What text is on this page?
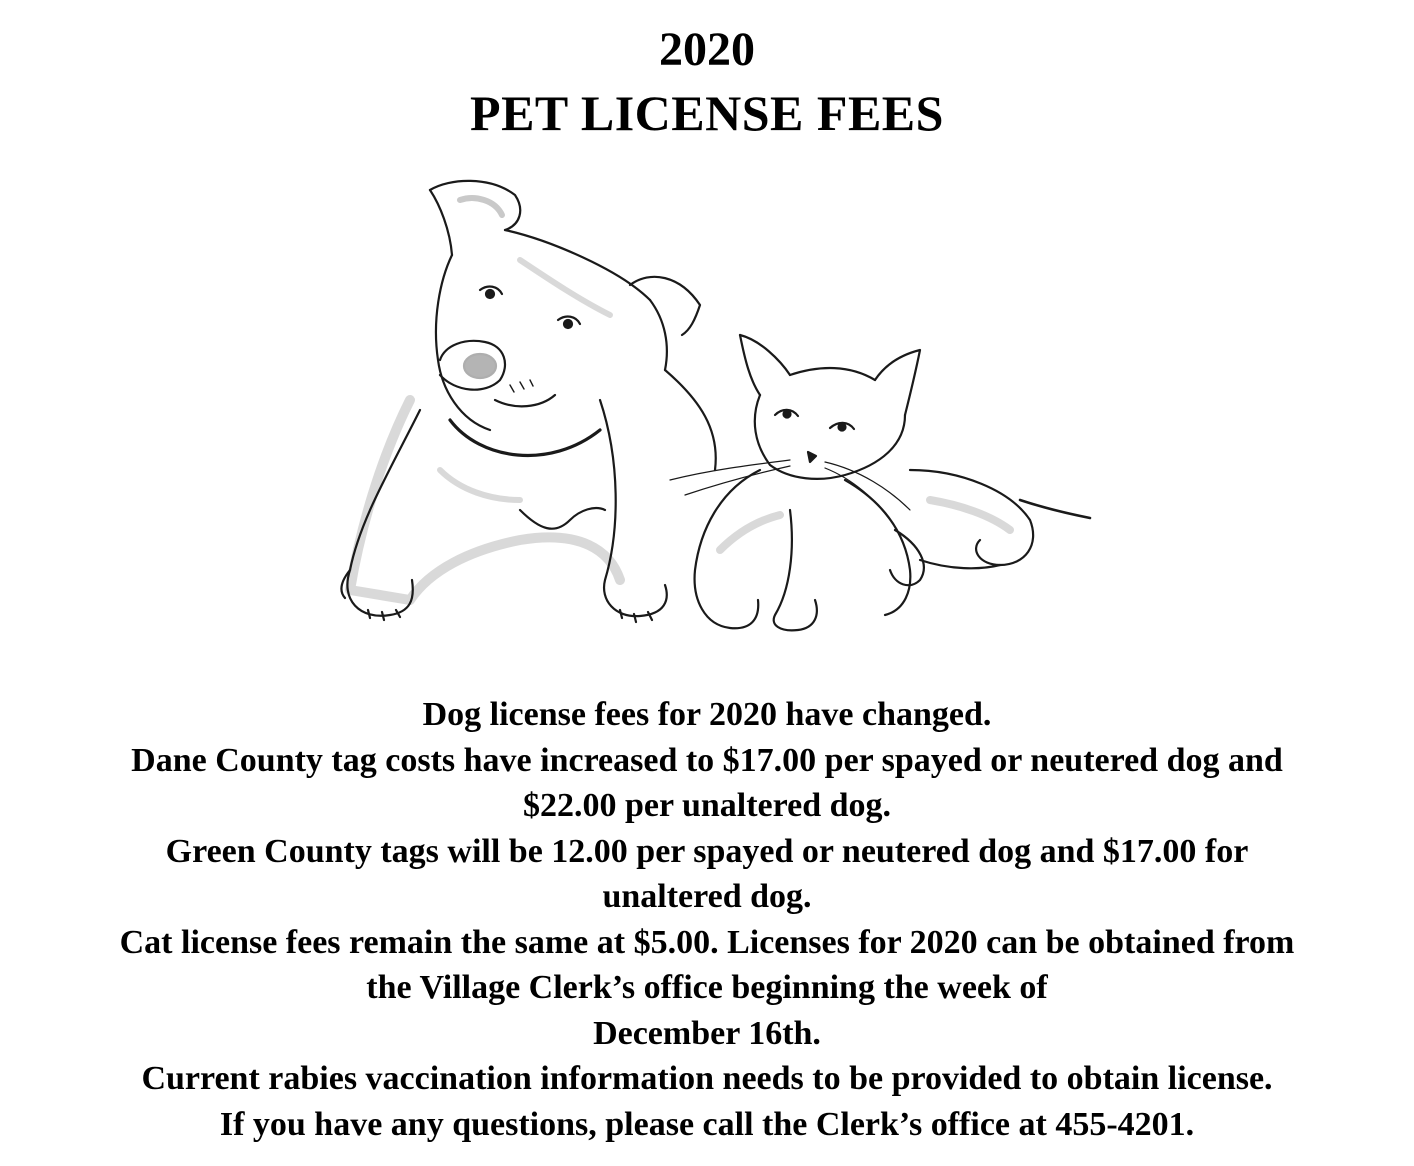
2020
PET LICENSE FEES
Dog license fees for 2020 have changed.
Dane County tag costs have increased to $17.00 per spayed or neutered dog and
$22.00 per unaltered dog.
Green County tags will be 12.00 per spayed or neutered dog and $17.00 for
unaltered dog.
Cat license fees remain the same at $5.00. Licenses for 2020 can be obtained from
the Village Clerk’s office beginning the week of
December 16th.
Current rabies vaccination information needs to be provided to obtain license.
If you have any questions, please call the Clerk’s office at 455-4201.
